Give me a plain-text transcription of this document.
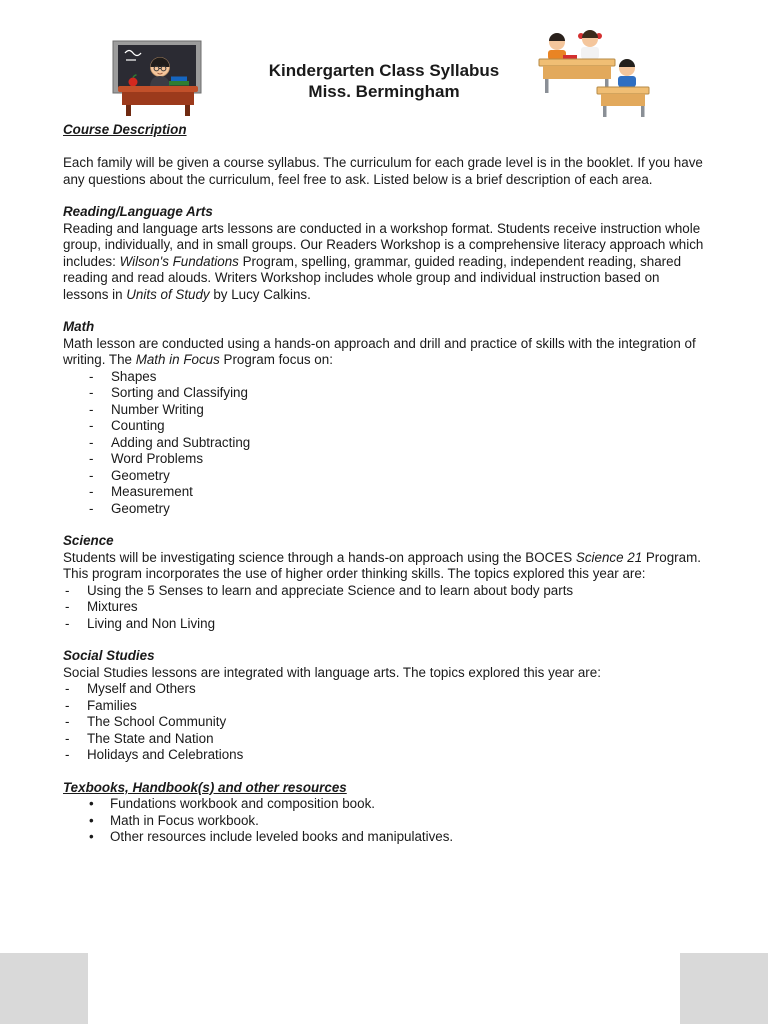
Kindergarten Class Syllabus
Miss. Bermingham
Course Description

Each family will be given a course syllabus. The curriculum for each grade level is in the booklet. If you have any questions about the curriculum, feel free to ask. Listed below is a brief description of each area.

Reading/Language Arts

Reading and language arts lessons are conducted in a workshop format. Students receive instruction whole group, individually, and in small groups. Our Readers Workshop is a comprehensive literacy approach which includes: Wilson's Fundations Program, spelling, grammar, guided reading, independent reading, shared reading and read alouds. Writers Workshop includes whole group and individual instruction based on lessons in Units of Study by Lucy Calkins.

Math

Math lesson are conducted using a hands-on approach and drill and practice of skills with the integration of writing. The Math in Focus Program focus on:

-	Shapes
-	Sorting and Classifying
-	Number Writing
-	Counting
-	Adding and Subtracting
-	Word Problems
-	Geometry
-	Measurement
-	Geometry
Science

Students will be investigating science through a hands-on approach using the BOCES Science 21 Program. This program incorporates the use of higher order thinking skills. The topics explored this year are:

-	Using the 5 Senses to learn and appreciate Science and to learn about body parts
-	Mixtures
-	Living and Non Living
Social Studies

Social Studies lessons are integrated with language arts. The topics explored this year are:

-	Myself and Others
-	Families
-	The School Community
-	The State and Nation
-	Holidays and Celebrations
Texbooks, Handbook(s) and other resources
•	Fundations workbook and composition book.
•	Math in Focus workbook.
•	Other resources include leveled books and manipulatives.
